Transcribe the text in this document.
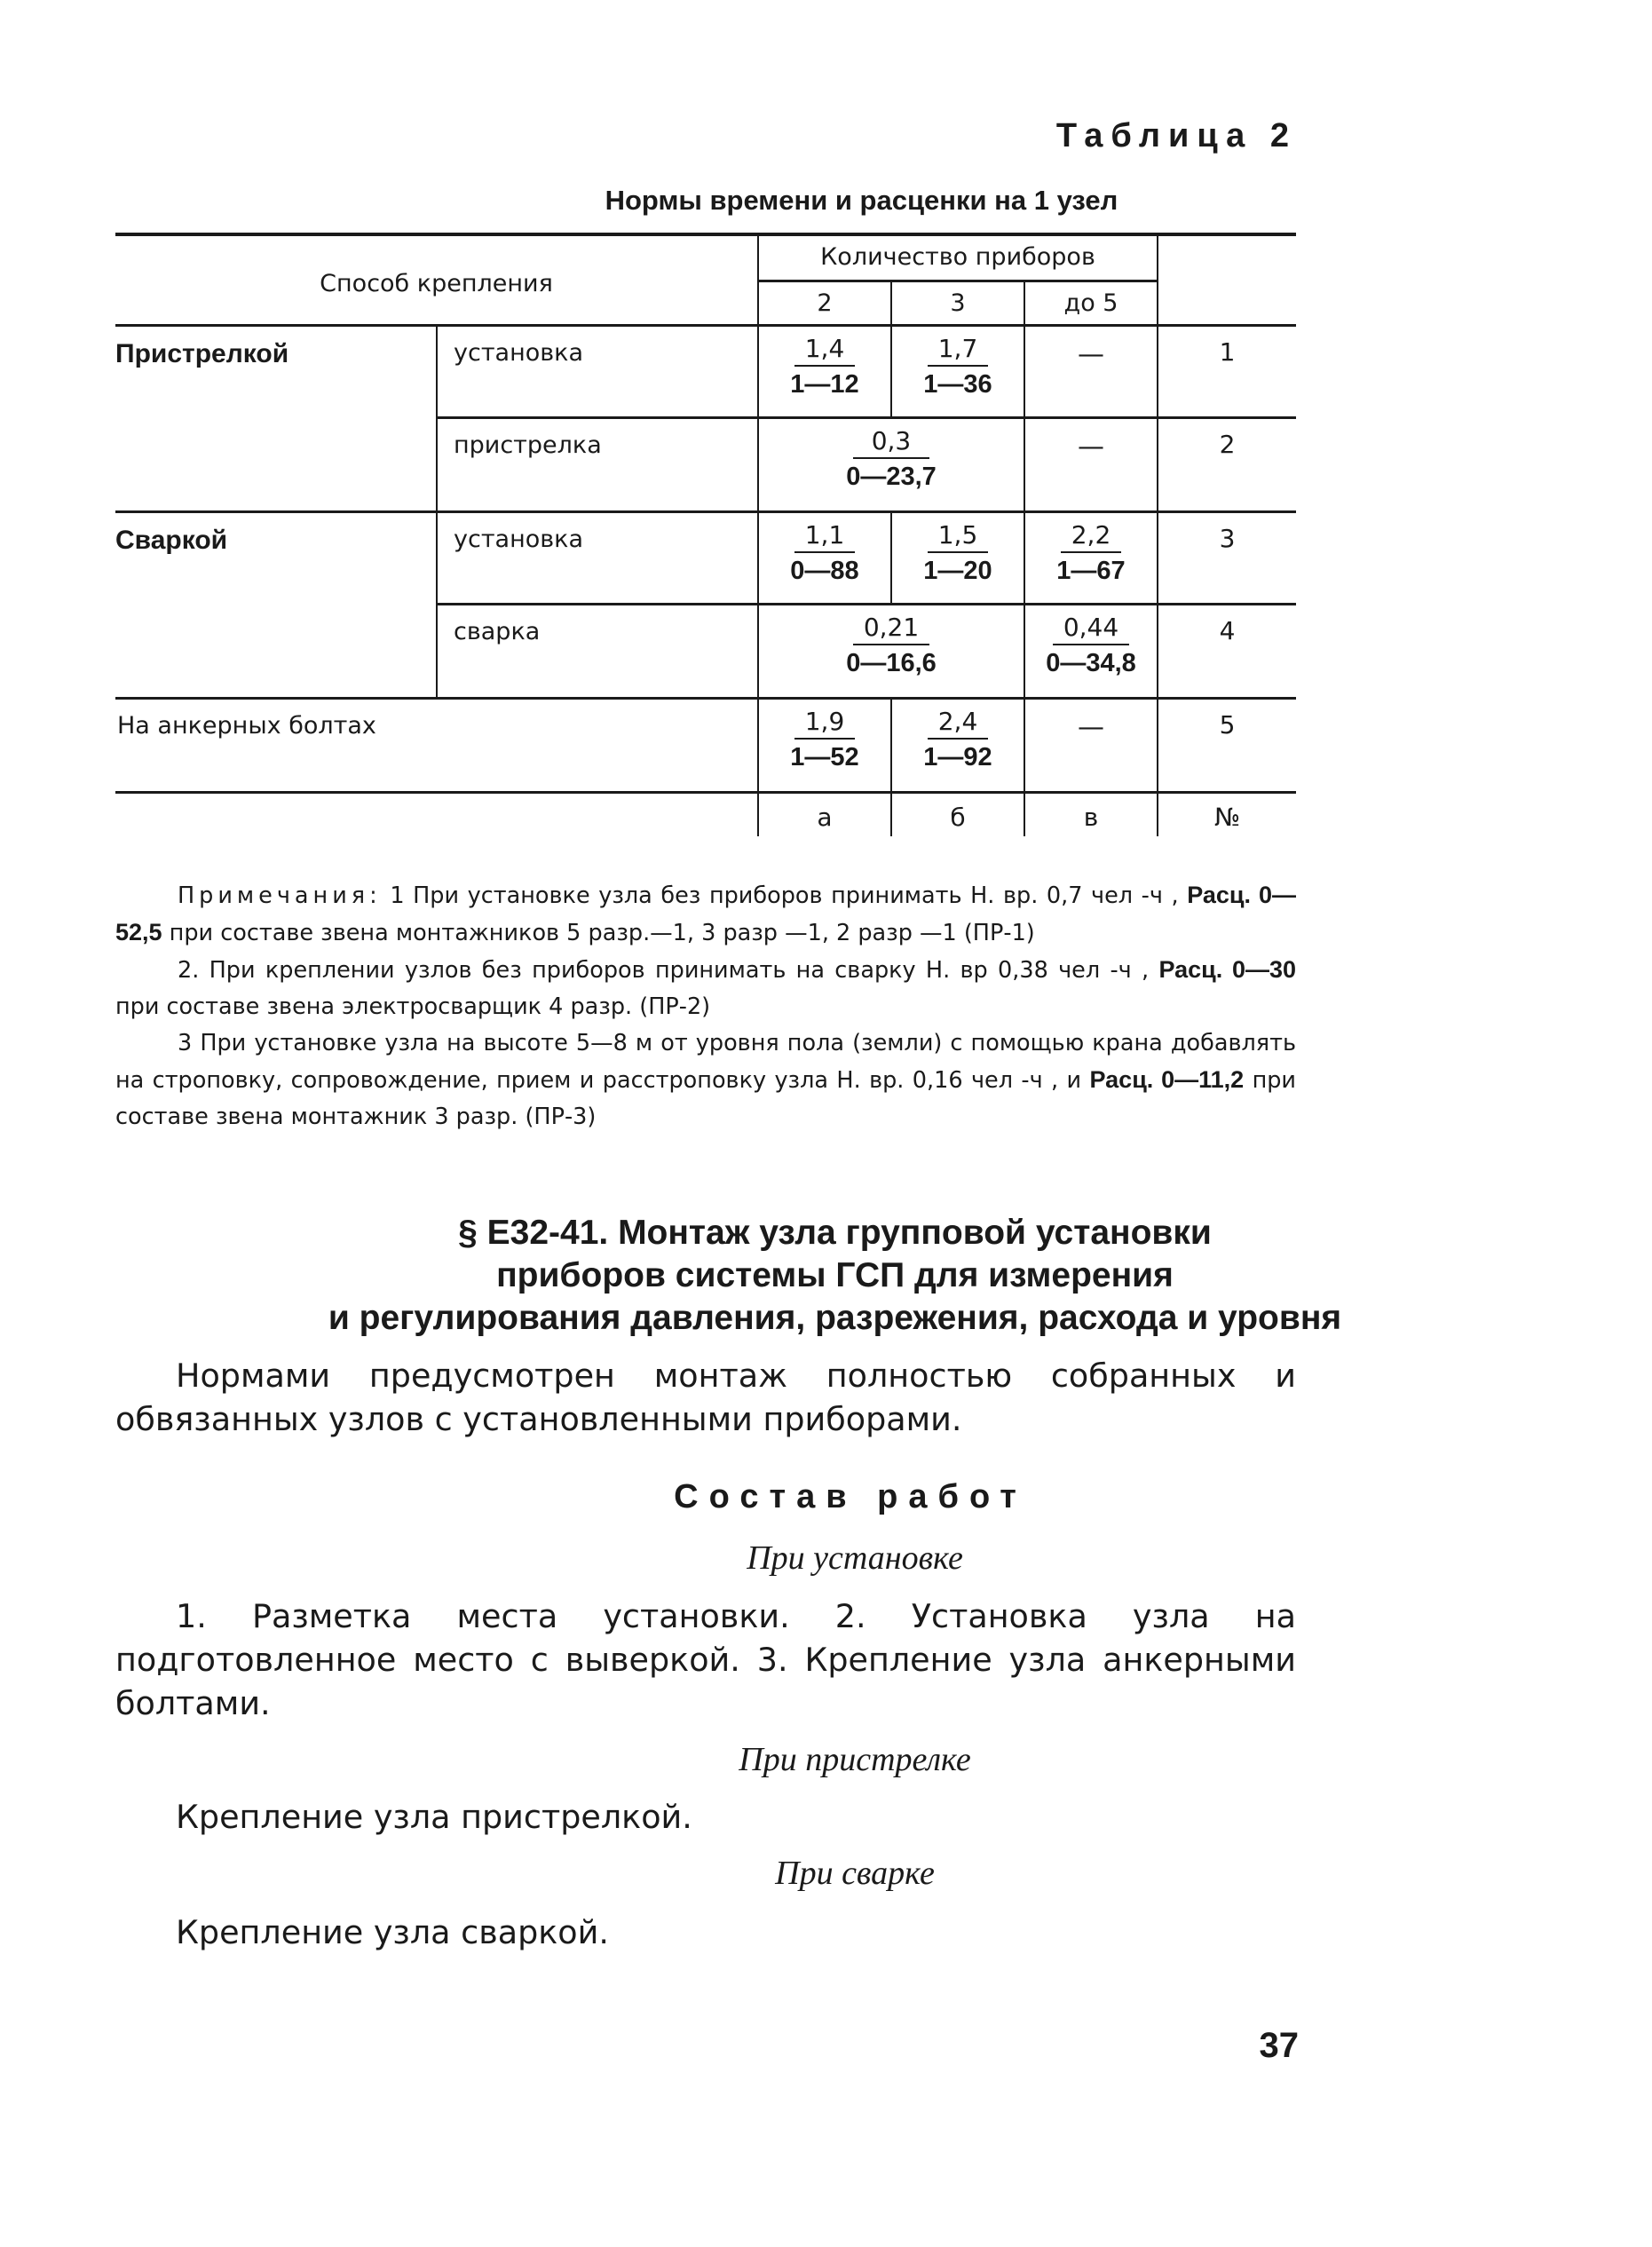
Таблица 2
Нормы времени и расценки на 1 узел
Способ крепления		Количество приборов			
		2	3	до 5	
Пристрелкой	установка	$\frac{1,4}{1—12}$	$\frac{1,7}{1—36}$	—	1
	пристрелка	$\frac{0,3}{0—23,7}$		—	2
Сваркой	установка	$\frac{1,1}{0—88}$	$\frac{1,5}{1—20}$	$\frac{2,2}{1—67}$	3
	сварка	$\frac{0,21}{0—16,6}$		$\frac{0,44}{0—34,8}$	4
На анкерных болтах		$\frac{1,9}{1—52}$	$\frac{2,4}{1—92}$	—	5
		а	б	в	№

Примечания: 1 При установке узла без приборов принимать Н. вр. 0,7 чел -ч , Расц. 0—52,5 при составе звена монтажников 5 разр.—1, 3 разр —1, 2 разр —1 (ПР-1)

2. При креплении узлов без приборов принимать на сварку Н. вр 0,38 чел -ч , Расц. 0—30 при составе звена электросварщик 4 разр. (ПР-2)

3 При установке узла на высоте 5—8 м от уровня пола (земли) с помощью крана добавлять на строповку, сопровождение, прием и расстроповку узла Н. вр. 0,16 чел -ч , и Расц. 0—11,2 при составе звена монтажник 3 разр. (ПР-3)

§ Е32-41. Монтаж узла групповой установки
приборов системы ГСП для измерения
и регулирования давления, разрежения, расхода и уровня
Нормами предусмотрен монтаж полностью собранных и обвязанных узлов с установленными приборами.
Состав работ
При установке
1. Разметка места установки. 2. Установка узла на подготовленное место с выверкой. 3. Крепление узла анкерными болтами.
При пристрелке
Крепление узла пристрелкой.
При сварке
Крепление узла сваркой.
37
